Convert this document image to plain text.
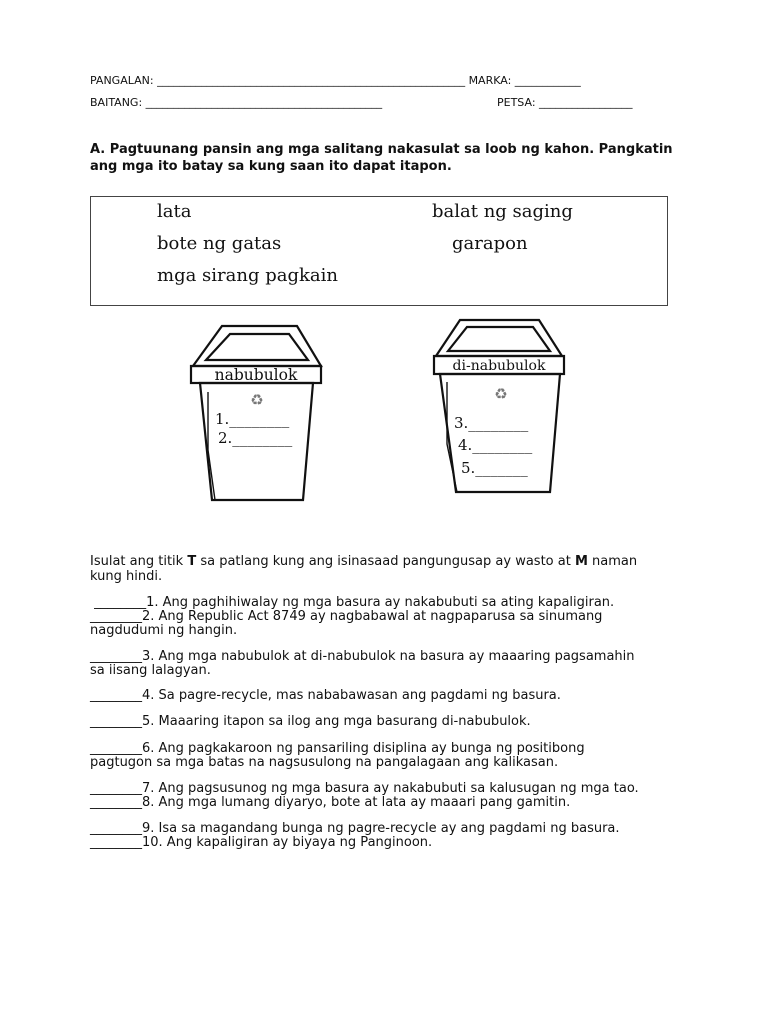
PANGALAN: ________________________________________________________ MARKA: ____________
BAITANG: ___________________________________________	PETSA: _________________
A. Pagtuunang pansin ang mga salitang nakasulat sa loob ng kahon. Pangkatin ang mga ito batay sa kung saan ito dapat itapon.
lata	balat ng saging
bote ng gatas	garapon
mga sirang pagkain
nabubulok
♻
1.________
2.________
di-nabubulok
♻
3.________
4.________
5._______
Isulat ang titik T sa patlang kung ang isinasaad pangungusap ay wasto at M naman
kung hindi.
________1. Ang paghihiwalay ng mga basura ay nakabubuti sa ating kapaligiran.
________2. Ang Republic Act 8749 ay nagbabawal at nagpaparusa sa sinumang
nagdudumi ng hangin.
________3. Ang mga nabubulok at di-nabubulok na basura ay maaaring pagsamahin
sa iisang lalagyan.
________4. Sa pagre-recycle, mas nababawasan ang pagdami ng basura.
________5. Maaaring itapon sa ilog ang mga basurang di-nabubulok.
________6. Ang pagkakaroon ng pansariling disiplina ay bunga ng positibong
pagtugon sa mga batas na nagsusulong na pangalagaan ang kalikasan.
________7. Ang pagsusunog ng mga basura ay nakabubuti sa kalusugan ng mga tao.
________8. Ang mga lumang diyaryo, bote at lata ay maaari pang gamitin.
________9. Isa sa magandang bunga ng pagre-recycle ay ang pagdami ng basura.
________10. Ang kapaligiran ay biyaya ng Panginoon.
